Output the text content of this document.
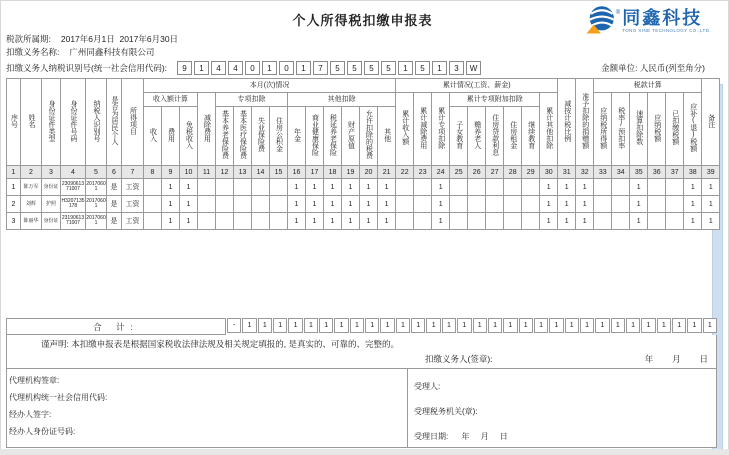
个人所得税扣缴申报表	® 同鑫科技
TONG XINE TECHNOLOGY CO.,LTD.
税款所属期: 2017年6月1日  2017年6月30日
扣缴义务名称: 广州同鑫科技有限公司
扣缴义务人纳税识别号(统一社会信用代码):	9	1	4	4	0	1	0	1	7	5	5	5	5	1	5	1	3	W	金额单位: 人民币(列至角分)
序号	姓名	身份证件类型	身份证件号码	纳税人识别号	是否为居民个人	所得项目	本月(次)情况														累计情况(工资、薪金)									减按计税比例	准予扣除的捐赠额	税款计算						备注
							收入额计算			减除费用	专项扣除				其他扣除						累计收入额	累计减除费用	累计专项扣除	累计专项附加扣除					累计其他扣除			应纳税所得额	税率/预扣率	速算扣除数	应纳税额	已扣缴税额	应补(退)税额	
							收入	费用	免税收入		基本养老保险费	基本医疗保险费	失业保险费	住房公积金	年金	商业健康保险	税延养老保险	财产原值	允许扣除的税费	其他				子女教育	赡养老人	住房贷款利息	住房租金	继续教育										
1	2	3	4	5	6	7	8	9	10	11	12	13	14	15	16	17	18	19	20	21	22	23	24	25	26	27	28	29	30	31	32	33	34	35	36	37	38	39
1	陈万军	身份证	2309061371007	20170601	是	工资		1	1						1	1	1	1	1	1			1						1	1	1			1			1	1
2	刘辉	护照	H3207135178	20170601	是	工资		1	1						1	1	1	1	1	1			1						1	1	1			1			1	1
3	陈丽华	身份证	2319061371007	20170601	是	工资		1	1						1	1	1	1	1	1			1						1	1	1			1			1	1
合 计:	-	1	1	1	1	1	1	1	1	1	1	1	1	1	1	1	1	1	1	1	1	1	1	1	1	1	1	1	1	1	1	1
谨声明: 本扣缴申报表是根据国家税收法律法规及相关规定填报的, 是真实的、可靠的、完整的。
扣缴义务人(签章):	年        月        日
代理机构签章:
代理机构统一社会信用代码:
经办人签字:
经办人身份证号码:
受理人:
受理税务机关(章):
受理日期:      年     月     日
